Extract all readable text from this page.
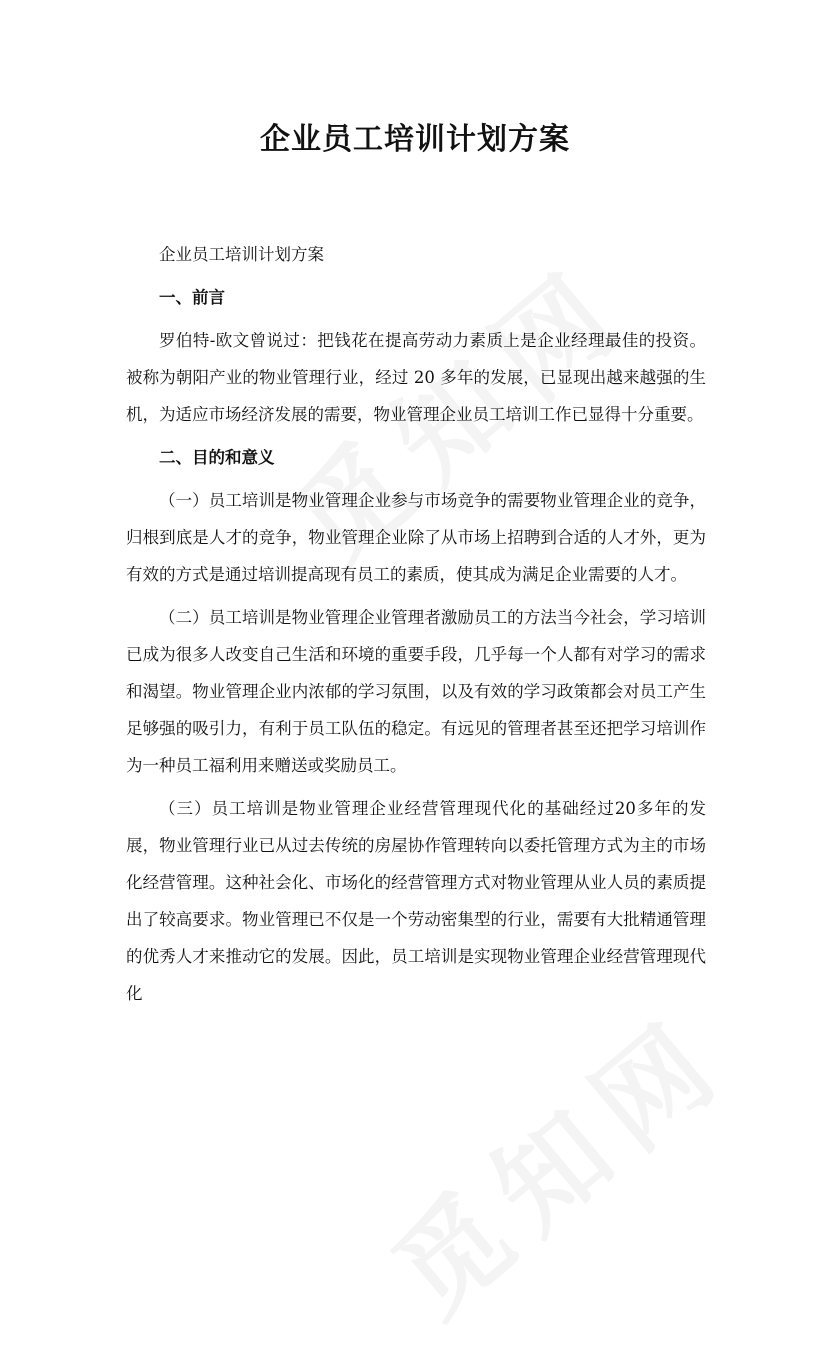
企业员工培训计划方案

企业员工培训计划方案

一、前言

罗伯特-欧文曾说过：把钱花在提高劳动力素质上是企业经理最佳的投资。被称为朝阳产业的物业管理行业，经过 20 多年的发展，已显现出越来越强的生机，为适应市场经济发展的需要，物业管理企业员工培训工作已显得十分重要。

二、目的和意义

（一）员工培训是物业管理企业参与市场竞争的需要物业管理企业的竞争，归根到底是人才的竞争，物业管理企业除了从市场上招聘到合适的人才外，更为有效的方式是通过培训提高现有员工的素质，使其成为满足企业需要的人才。

（二）员工培训是物业管理企业管理者激励员工的方法当今社会，学习培训已成为很多人改变自己生活和环境的重要手段，几乎每一个人都有对学习的需求和渴望。物业管理企业内浓郁的学习氛围，以及有效的学习政策都会对员工产生足够强的吸引力，有利于员工队伍的稳定。有远见的管理者甚至还把学习培训作为一种员工福利用来赠送或奖励员工。

（三）员工培训是物业管理企业经营管理现代化的基础经过20多年的发展，物业管理行业已从过去传统的房屋协作管理转向以委托管理方式为主的市场化经营管理。这种社会化、市场化的经营管理方式对物业管理从业人员的素质提出了较高要求。物业管理已不仅是一个劳动密集型的行业，需要有大批精通管理的优秀人才来推动它的发展。因此，员工培训是实现物业管理企业经营管理现代化
